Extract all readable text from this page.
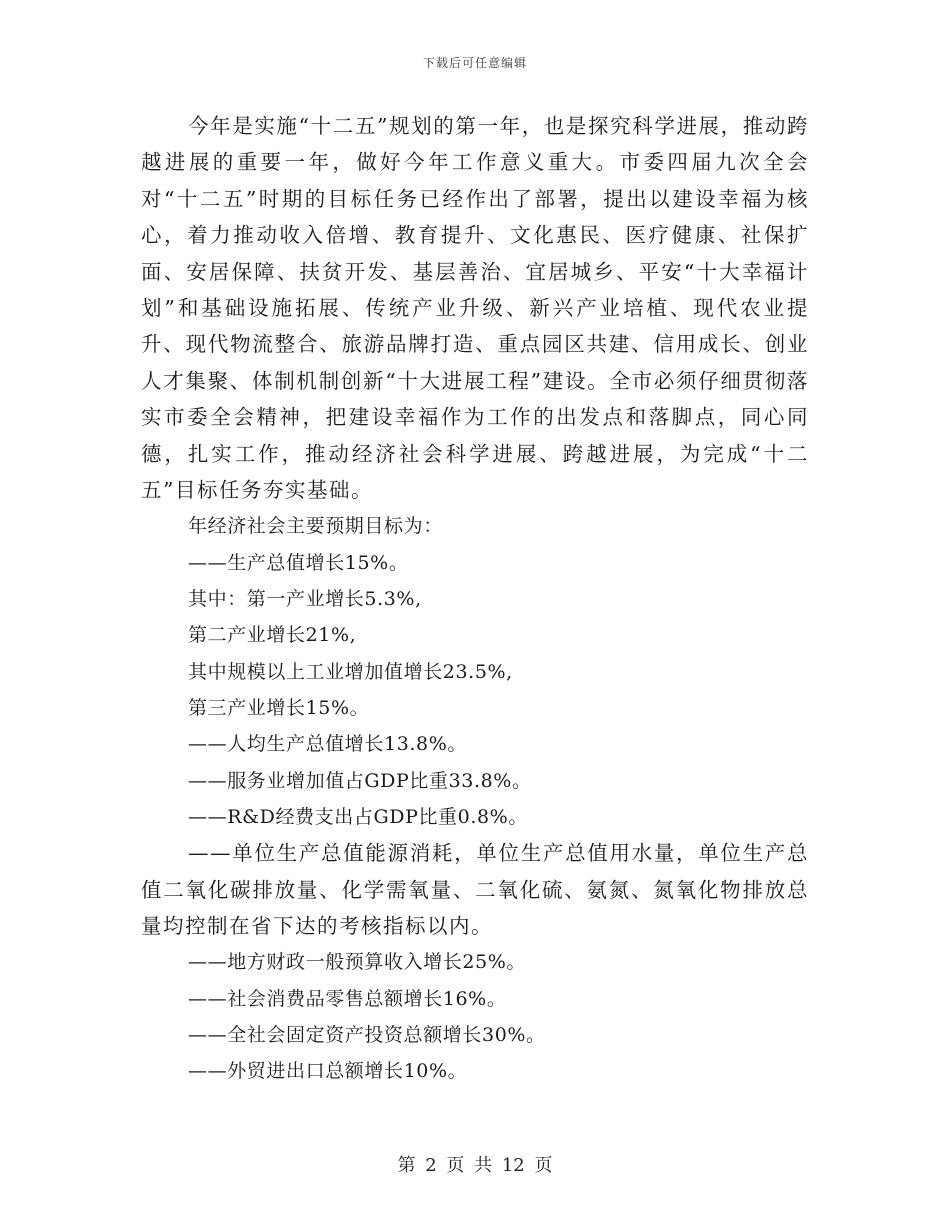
下载后可任意编辑

今年是实施“十二五”规划的第一年，也是探究科学进展，推动跨越进展的重要一年，做好今年工作意义重大。市委四届九次全会对“十二五”时期的目标任务已经作出了部署，提出以建设幸福为核心，着力推动收入倍增、教育提升、文化惠民、医疗健康、社保扩面、安居保障、扶贫开发、基层善治、宜居城乡、平安“十大幸福计划”和基础设施拓展、传统产业升级、新兴产业培植、现代农业提升、现代物流整合、旅游品牌打造、重点园区共建、信用成长、创业人才集聚、体制机制创新“十大进展工程”建设。全市必须仔细贯彻落实市委全会精神，把建设幸福作为工作的出发点和落脚点，同心同德，扎实工作，推动经济社会科学进展、跨越进展，为完成“十二五”目标任务夯实基础。

年经济社会主要预期目标为：

——生产总值增长15%。

其中：第一产业增长5.3%,

第二产业增长21%,

其中规模以上工业增加值增长23.5%,

第三产业增长15%。

——人均生产总值增长13.8%。

——服务业增加值占GDP比重33.8%。

——R&D经费支出占GDP比重0.8%。

——单位生产总值能源消耗，单位生产总值用水量，单位生产总值二氧化碳排放量、化学需氧量、二氧化硫、氨氮、氮氧化物排放总量均控制在省下达的考核指标以内。

——地方财政一般预算收入增长25%。

——社会消费品零售总额增长16%。

——全社会固定资产投资总额增长30%。

——外贸进出口总额增长10%。

第 2 页 共 12 页
